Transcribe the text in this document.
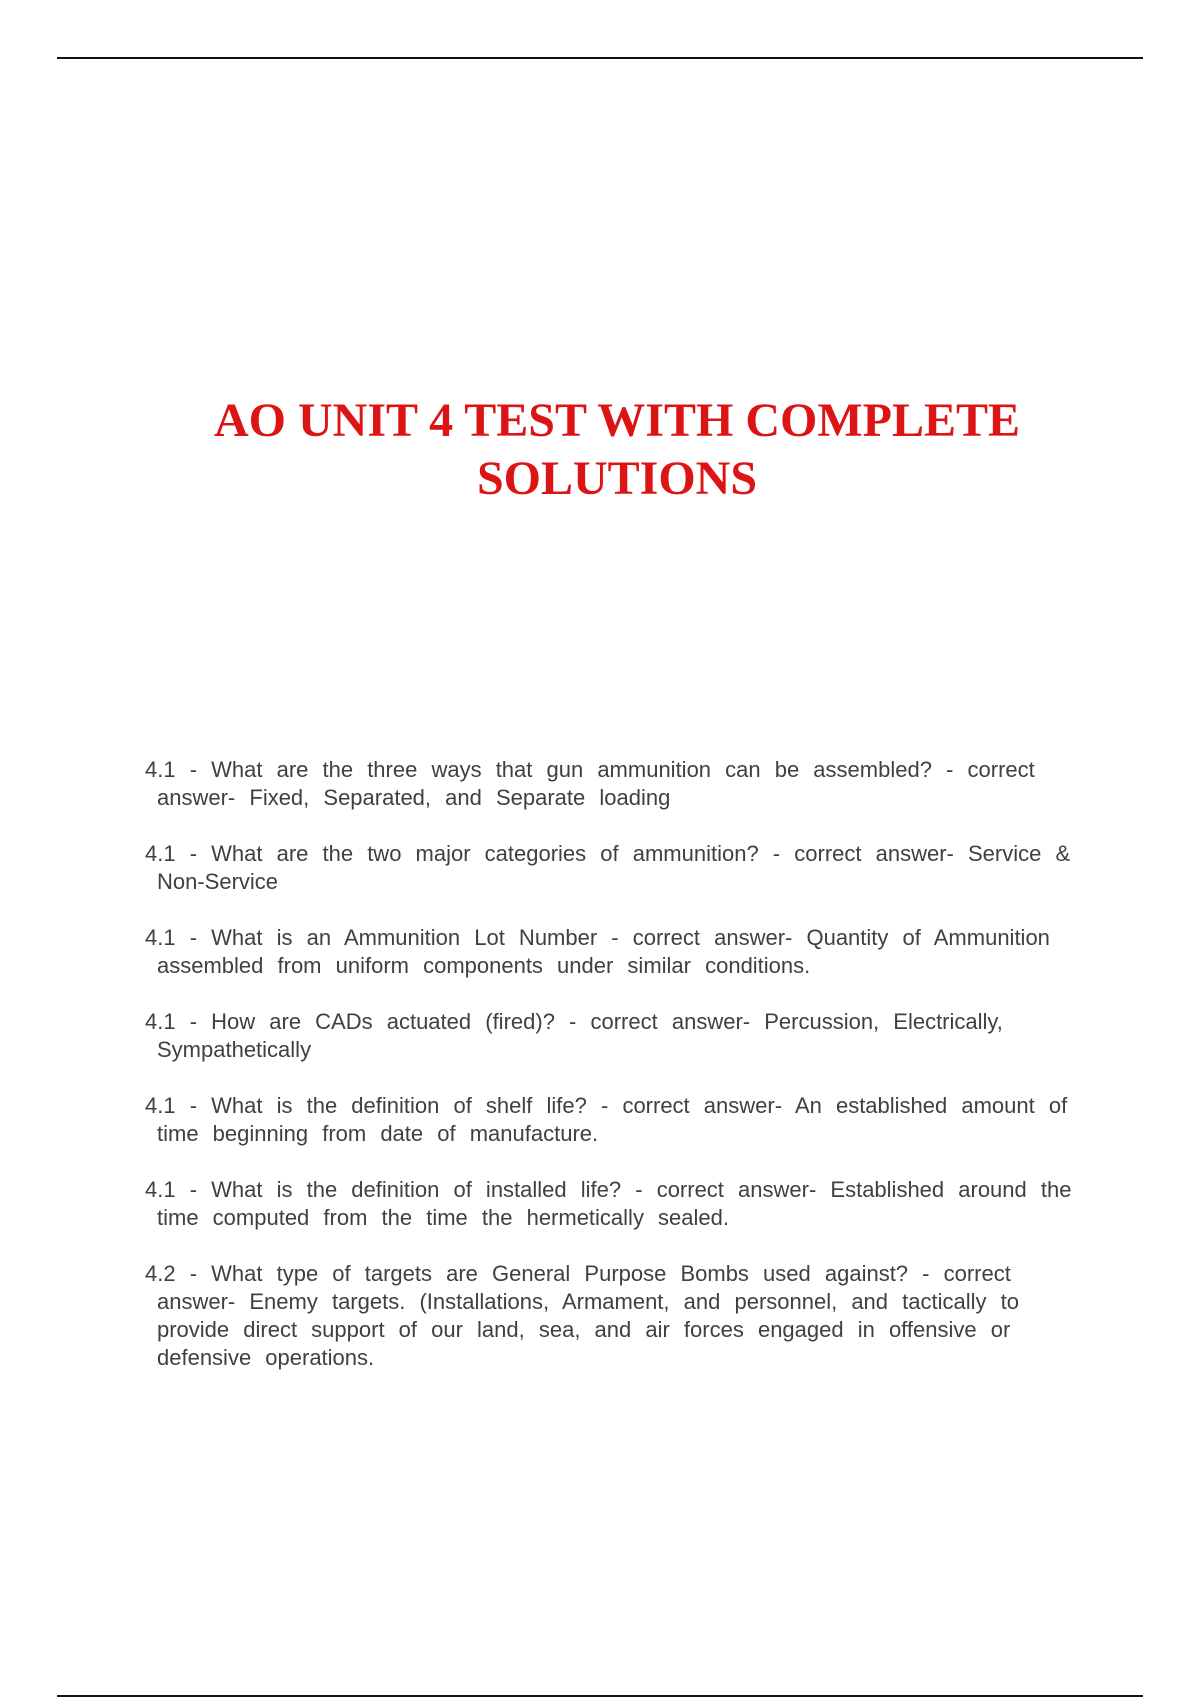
AO UNIT 4 TEST WITH COMPLETE
SOLUTIONS
4.1 - What are the three ways that gun ammunition can be assembled? - correct answer- Fixed, Separated, and Separate loading
4.1 - What are the two major categories of ammunition? - correct answer- Service & Non-Service
4.1 - What is an Ammunition Lot Number - correct answer- Quantity of Ammunition assembled from uniform components under similar conditions.
4.1 - How are CADs actuated (fired)? - correct answer- Percussion, Electrically, Sympathetically
4.1 - What is the definition of shelf life? - correct answer- An established amount of time beginning from date of manufacture.
4.1 - What is the definition of installed life? - correct answer- Established around the time computed from the time the hermetically sealed.
4.2 - What type of targets are General Purpose Bombs used against? - correct answer- Enemy targets. (Installations, Armament, and personnel, and tactically to provide direct support of our land, sea, and air forces engaged in offensive or defensive operations.
